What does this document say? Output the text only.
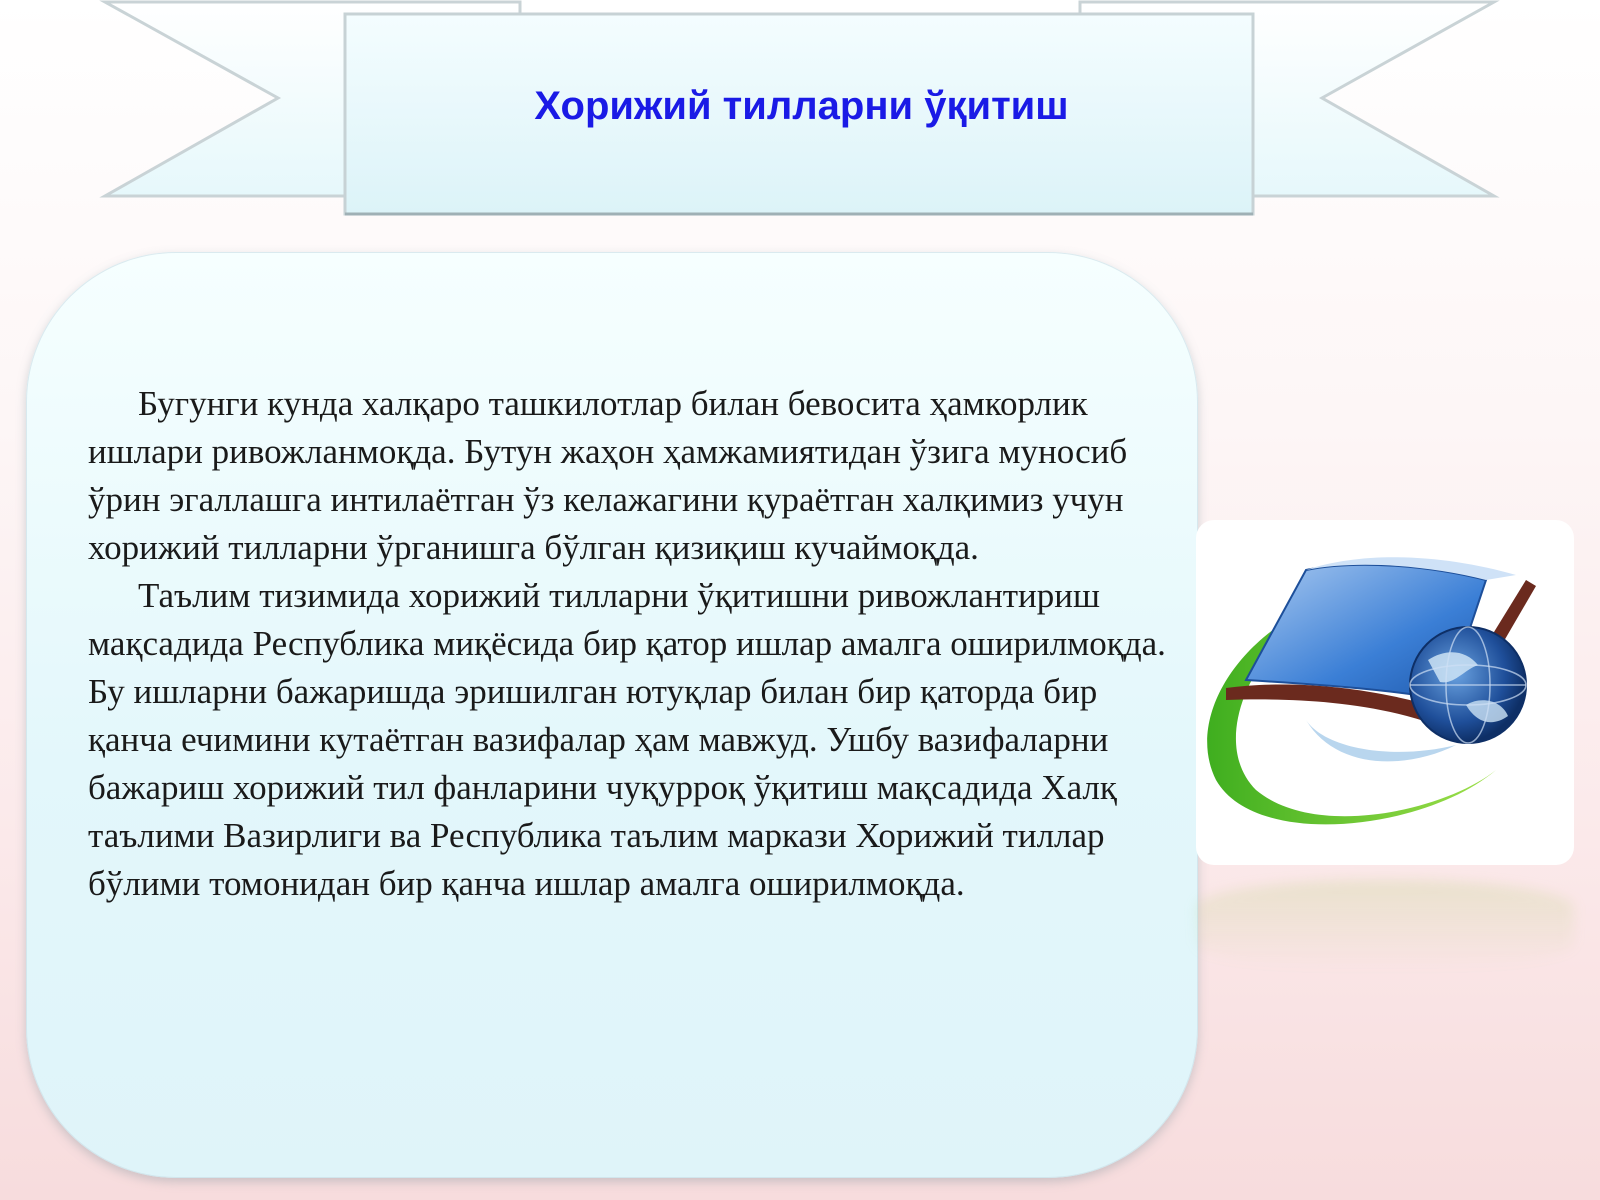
Хорижий тилларни ўқитиш

Бугунги кунда халқаро ташкилотлар билан бевосита ҳамкорлик ишлари ривожланмоқда. Бутун жаҳон ҳамжамиятидан ўзига муносиб ўрин эгаллашга интилаётган ўз келажагини қураётган халқимиз учун хорижий тилларни ўрганишга бўлган қизиқиш кучаймоқда.

Таълим тизимида хорижий тилларни ўқитишни ривожлантириш мақсадида Республика миқёсида бир қатор ишлар амалга оширилмоқда. Бу ишларни бажаришда эришилган ютуқлар билан бир қаторда бир қанча ечимини кутаётган вазифалар ҳам мавжуд. Ушбу вазифаларни бажариш хорижий тил фанларини чуқурроқ ўқитиш мақсадида Халқ таълими Вазирлиги ва Республика таълим маркази Хорижий тиллар бўлими томонидан бир қанча ишлар амалга оширилмоқда.
